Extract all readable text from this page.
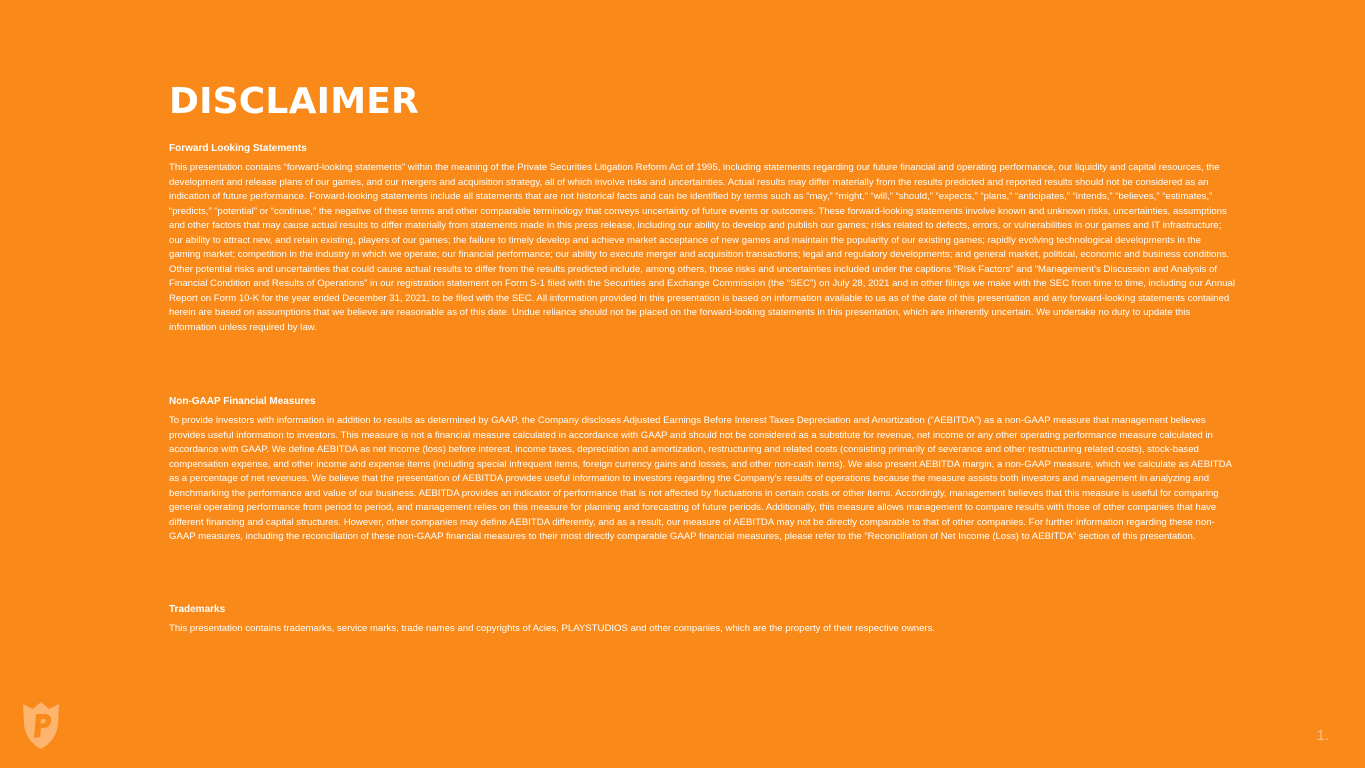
DISCLAIMER
Forward Looking Statements

This presentation contains “forward-looking statements” within the meaning of the Private Securities Litigation Reform Act of 1995, including statements regarding our future financial and operating performance, our liquidity and capital resources, the development and release plans of our games, and our mergers and acquisition strategy, all of which involve risks and uncertainties. Actual results may differ materially from the results predicted and reported results should not be considered as an indication of future performance. Forward-looking statements include all statements that are not historical facts and can be identified by terms such as “may,” “might,” “will,” “should,” “expects,” “plans,” “anticipates,” “intends,” “believes,” “estimates,” “predicts,” “potential” or “continue,” the negative of these terms and other comparable terminology that conveys uncertainty of future events or outcomes. These forward-looking statements involve known and unknown risks, uncertainties, assumptions and other factors that may cause actual results to differ materially from statements made in this press release, including our ability to develop and publish our games; risks related to defects, errors, or vulnerabilities in our games and IT infrastructure; our ability to attract new, and retain existing, players of our games; the failure to timely develop and achieve market acceptance of new games and maintain the popularity of our existing games; rapidly evolving technological developments in the gaming market; competition in the industry in which we operate; our financial performance; our ability to execute merger and acquisition transactions; legal and regulatory developments; and general market, political, economic and business conditions. Other potential risks and uncertainties that could cause actual results to differ from the results predicted include, among others, those risks and uncertainties included under the captions “Risk Factors” and “Management’s Discussion and Analysis of Financial Condition and Results of Operations” in our registration statement on Form S-1 filed with the Securities and Exchange Commission (the “SEC”) on July 28, 2021 and in other filings we make with the SEC from time to time, including our Annual Report on Form 10-K for the year ended December 31, 2021, to be filed with the SEC. All information provided in this presentation is based on information available to us as of the date of this presentation and any forward-looking statements contained herein are based on assumptions that we believe are reasonable as of this date. Undue reliance should not be placed on the forward-looking statements in this presentation, which are inherently uncertain. We undertake no duty to update this information unless required by law.

Non-GAAP Financial Measures

To provide investors with information in addition to results as determined by GAAP, the Company discloses Adjusted Earnings Before Interest Taxes Depreciation and Amortization (“AEBITDA”) as a non-GAAP measure that management believes provides useful information to investors. This measure is not a financial measure calculated in accordance with GAAP and should not be considered as a substitute for revenue, net income or any other operating performance measure calculated in accordance with GAAP. We define AEBITDA as net income (loss) before interest, income taxes, depreciation and amortization, restructuring and related costs (consisting primarily of severance and other restructuring related costs), stock-based compensation expense, and other income and expense items (including special infrequent items, foreign currency gains and losses, and other non-cash items). We also present AEBITDA margin, a non-GAAP measure, which we calculate as AEBITDA as a percentage of net revenues. We believe that the presentation of AEBITDA provides useful information to investors regarding the Company’s results of operations because the measure assists both investors and management in analyzing and benchmarking the performance and value of our business. AEBITDA provides an indicator of performance that is not affected by fluctuations in certain costs or other items. Accordingly, management believes that this measure is useful for comparing general operating performance from period to period, and management relies on this measure for planning and forecasting of future periods. Additionally, this measure allows management to compare results with those of other companies that have different financing and capital structures. However, other companies may define AEBITDA differently, and as a result, our measure of AEBITDA may not be directly comparable to that of other companies. For further information regarding these non-GAAP measures, including the reconciliation of these non-GAAP financial measures to their most directly comparable GAAP financial measures, please refer to the “Reconciliation of Net Income (Loss) to AEBITDA” section of this presentation.

Trademarks

This presentation contains trademarks, service marks, trade names and copyrights of Acies, PLAYSTUDIOS and other companies, which are the property of their respective owners.

1.
